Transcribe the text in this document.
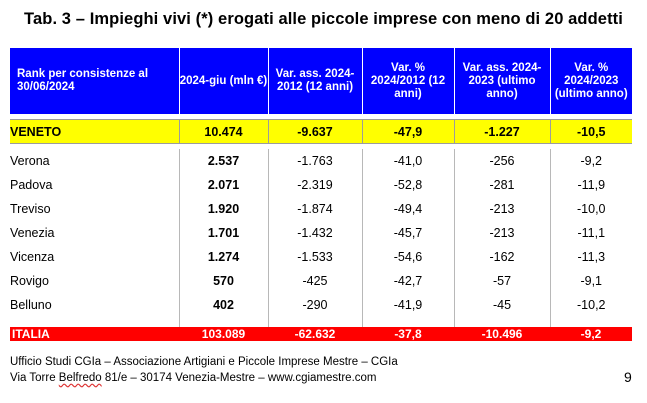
Tab. 3 – Impieghi vivi (*) erogati alle piccole imprese con meno di 20 addetti
Rank per consistenze al 30/06/2024	2024-giu (mln €)	Var. ass. 2024-2012 (12 anni)	Var. % 2024/2012 (12 anni)	Var. ass. 2024-2023 (ultimo anno)	Var. % 2024/2023 (ultimo anno)

VENETO	10.474	-9.637	-47,9	-1.227	-10,5

Verona	2.537	-1.763	-41,0	-256	-9,2
Padova	2.071	-2.319	-52,8	-281	-11,9
Treviso	1.920	-1.874	-49,4	-213	-10,0
Venezia	1.701	-1.432	-45,7	-213	-11,1
Vicenza	1.274	-1.533	-54,6	-162	-11,3
Rovigo	570	-425	-42,7	-57	-9,1
Belluno	402	-290	-41,9	-45	-10,2

ITALIA	103.089	-62.632	-37,8	-10.496	-9,2
Ufficio Studi CGIa – Associazione Artigiani e Piccole Imprese Mestre – CGIa
Via Torre Belfredo 81/e – 30174 Venezia-Mestre – www.cgiamestre.com	9
